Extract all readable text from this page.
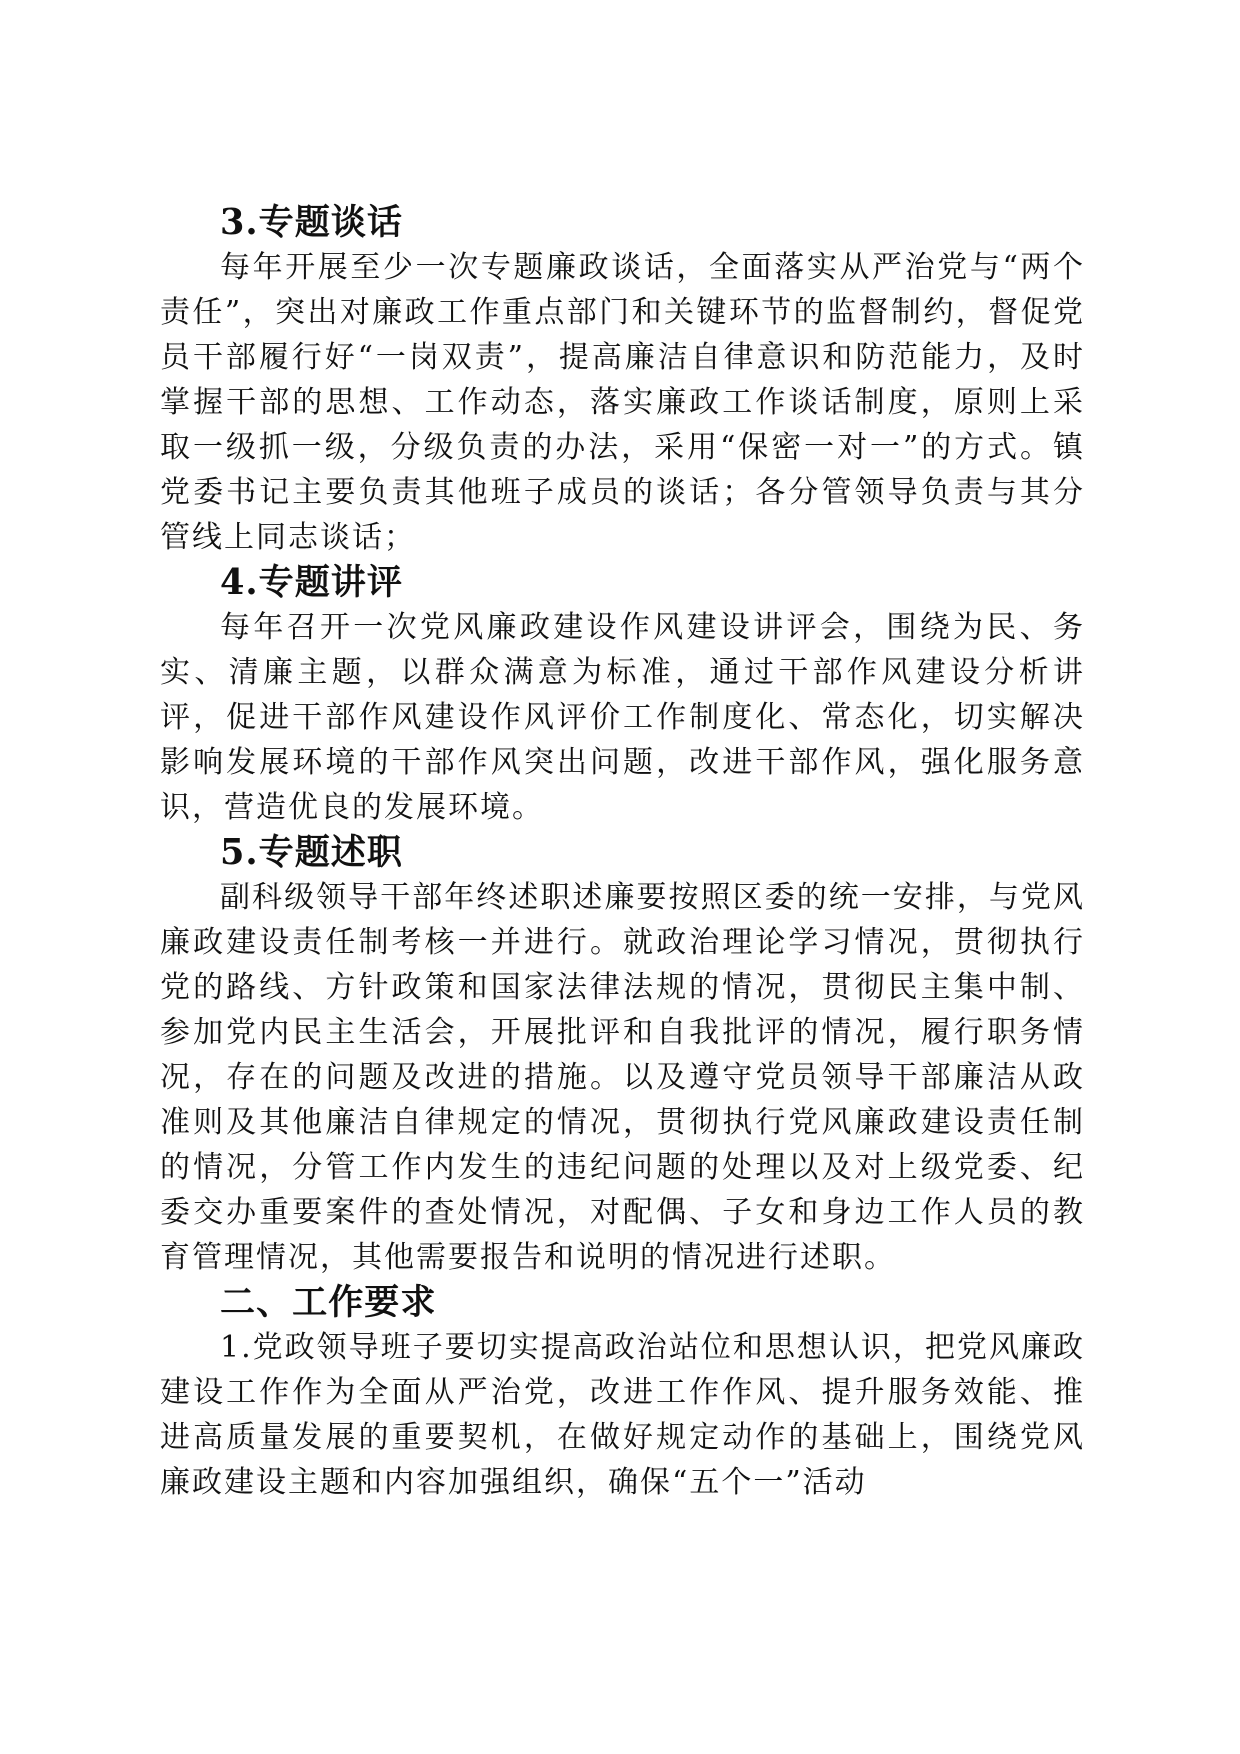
3.专题谈话

每年开展至少一次专题廉政谈话，全面落实从严治党与“两个责任”，突出对廉政工作重点部门和关键环节的监督制约，督促党员干部履行好“一岗双责”，提高廉洁自律意识和防范能力，及时掌握干部的思想、工作动态，落实廉政工作谈话制度，原则上采取一级抓一级，分级负责的办法，采用“保密一对一”的方式。镇党委书记主要负责其他班子成员的谈话；各分管领导负责与其分管线上同志谈话；

4.专题讲评

每年召开一次党风廉政建设作风建设讲评会，围绕为民、务实、清廉主题，以群众满意为标准，通过干部作风建设分析讲评，促进干部作风建设作风评价工作制度化、常态化，切实解决影响发展环境的干部作风突出问题，改进干部作风，强化服务意识，营造优良的发展环境。

5.专题述职

副科级领导干部年终述职述廉要按照区委的统一安排，与党风廉政建设责任制考核一并进行。就政治理论学习情况，贯彻执行党的路线、方针政策和国家法律法规的情况，贯彻民主集中制、参加党内民主生活会，开展批评和自我批评的情况，履行职务情况，存在的问题及改进的措施。以及遵守党员领导干部廉洁从政准则及其他廉洁自律规定的情况，贯彻执行党风廉政建设责任制的情况，分管工作内发生的违纪问题的处理以及对上级党委、纪委交办重要案件的查处情况，对配偶、子女和身边工作人员的教育管理情况，其他需要报告和说明的情况进行述职。

二、工作要求

1.党政领导班子要切实提高政治站位和思想认识，把党风廉政建设工作作为全面从严治党，改进工作作风、提升服务效能、推进高质量发展的重要契机，在做好规定动作的基础上，围绕党风廉政建设主题和内容加强组织，确保“五个一”活动
